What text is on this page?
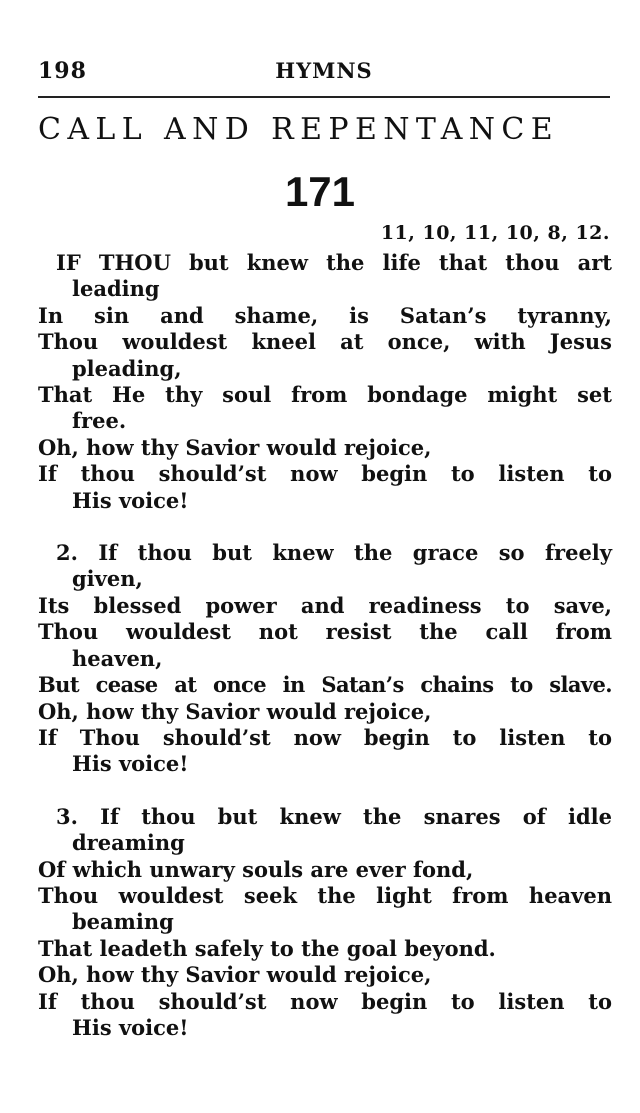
198	HYMNS
CALL AND REPENTANCE
171
11, 10, 11, 10, 8, 12.
IF THOU but knew the life that thou art
leading
In sin and shame, is Satan’s tyranny,
Thou wouldest kneel at once, with Jesus
pleading,
That He thy soul from bondage might set
free.
Oh, how thy Savior would rejoice,
If thou should’st now begin to listen to
His voice!
2. If thou but knew the grace so freely
given,
Its blessed power and readiness to save,
Thou wouldest not resist the call from
heaven,
But cease at once in Satan’s chains to slave.
Oh, how thy Savior would rejoice,
If Thou should’st now begin to listen to
His voice!
3. If thou but knew the snares of idle
dreaming
Of which unwary souls are ever fond,
Thou wouldest seek the light from heaven
beaming
That leadeth safely to the goal beyond.
Oh, how thy Savior would rejoice,
If thou should’st now begin to listen to
His voice!
